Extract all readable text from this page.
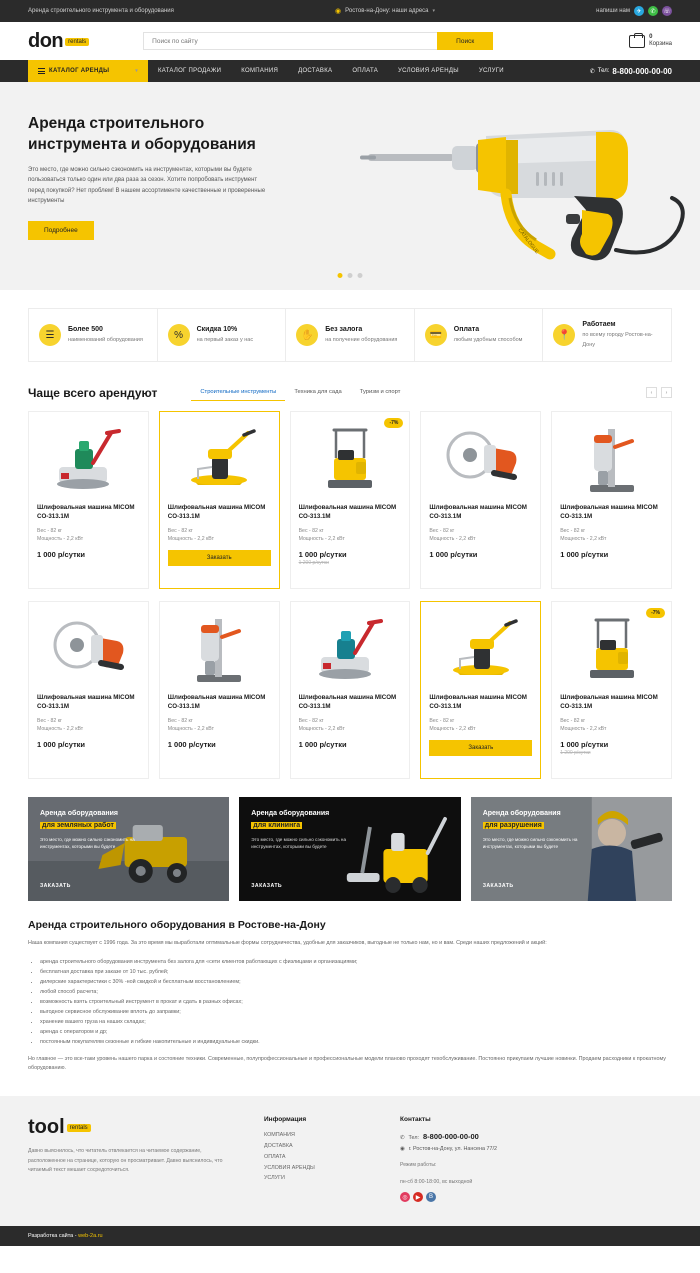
Аренда строительного инструмента и оборудования	◉ Ростов-на-Дону: наши адреса ▾	напиши нам	✈	✆	☏
don rentals
Поиск по сайту	Поиск
0
Корзина
КАТАЛОГ АРЕНДЫ	▾	КАТАЛОГ ПРОДАЖИ	КОМПАНИЯ	ДОСТАВКА	ОПЛАТА	УСЛОВИЯ АРЕНДЫ	УСЛУГИ	✆ Тел: 8-800-000-00-00
Аренда строительного инструмента и оборудования

Это место, где можно сильно сэкономить на инструментах, которыми вы будете пользоваться только один или два раза за сезон. Хотите попробовать инструмент перед покупкой? Нет проблем! В нашем ассортименте качественные и проверенные инструменты

Подробнее	CATALOGUE
☰	Более 500
наименований оборудования	%	Скидка 10%
на первый заказ у нас	✋	Без залога
на получение оборудования	💳	Оплата
любым удобным способом	📍
Работаем
по всему городу Ростов-на-Дону
Чаще всего арендуют	Строительные инструменты	Техника для сада	Туризм и спорт	‹	›
Шлифовальная машина MICOM CO-313.1M
Вес - 82 кг
Мощность - 2,2 кВт
1 000 р/сутки
Шлифовальная машина MICOM CO-313.1M
Вес - 82 кг
Мощность - 2,2 кВт
Заказать
-7%
Шлифовальная машина MICOM CO-313.1M
Вес - 82 кг
Мощность - 2,2 кВт
1 000 р/сутки
1 200 р/сутки
Шлифовальная машина MICOM CO-313.1M
Вес - 82 кг
Мощность - 2,2 кВт
1 000 р/сутки
Шлифовальная машина MICOM CO-313.1M
Вес - 82 кг
Мощность - 2,2 кВт
1 000 р/сутки
Шлифовальная машина MICOM CO-313.1M
Вес - 82 кг
Мощность - 2,2 кВт
1 000 р/сутки
Шлифовальная машина MICOM CO-313.1M
Вес - 82 кг
Мощность - 2,2 кВт
1 000 р/сутки
Шлифовальная машина MICOM CO-313.1M
Вес - 82 кг
Мощность - 2,2 кВт
1 000 р/сутки
Шлифовальная машина MICOM CO-313.1M
Вес - 82 кг
Мощность - 2,2 кВт
Заказать
-7%
Шлифовальная машина MICOM CO-313.1M
Вес - 82 кг
Мощность - 2,2 кВт
1 000 р/сутки
1 200 р/сутки
Аренда оборудования
для земляных работ
Это место, где можно сильно сэкономить на инструментах, которыми вы будете
ЗАКАЗАТЬ
Аренда оборудования
для клининга
Это место, где можно сильно сэкономить на инструментах, которыми вы будете
ЗАКАЗАТЬ
Аренда оборудования
для разрушения
Это место, где можно сильно сэкономить на инструментах, которыми вы будете
ЗАКАЗАТЬ
Аренда строительного оборудования в Ростове-на-Дону

Наша компания существует с 1996 года. За это время мы выработали оптимальные формы сотрудничества, удобные для заказчиков, выгодные не только нам, но и вам. Среди наших предложений и акций:

• аренда строительного оборудования инструмента без залога для «сети клиентов работающих с физлицами и организациями;
• бесплатная доставка при заказе от 10 тыс. рублей;
• дилерские характеристики с 30% -ной скидкой и бесплатным восстановлением;
• любой способ расчета;
• возможность взять строительный инструмент в прокат и сдать в разных офисах;
• выгодное сервисное обслуживание вплоть до заправки;
• хранение вашего груза на наших складах;
• аренда с оператором и др;
• постоянным покупателям сезонные и гибкие накопительные и индивидуальные скидки.

Но главное — это все-таки уровень нашего парка и состояние техники. Современные, полупрофессиональные и профессиональные модели планово проходят техобслуживание. Постоянно прикупаем лучшие новинки. Продаем расходники к прокатному оборудованию.

tool rentals
Давно выяснилось, что читатель отвлекается на читаемое содержание, расположенное на странице, которую он просматривает. Давно выяснилось, что читаемый текст мешает сосредоточиться.
Информация
КОМПАНИЯ
ДОСТАВКА
ОПЛАТА
УСЛОВИЯ АРЕНДЫ
УСЛУГИ
Контакты
✆ Тел: 8-800-000-00-00
◉ г. Ростов-на-Дону, ул. Нансена 77/2
Режим работы:
пн-сб 8:00-18:00, вс выходной
◎	▶	B
Разработка сайта - web-2a.ru
